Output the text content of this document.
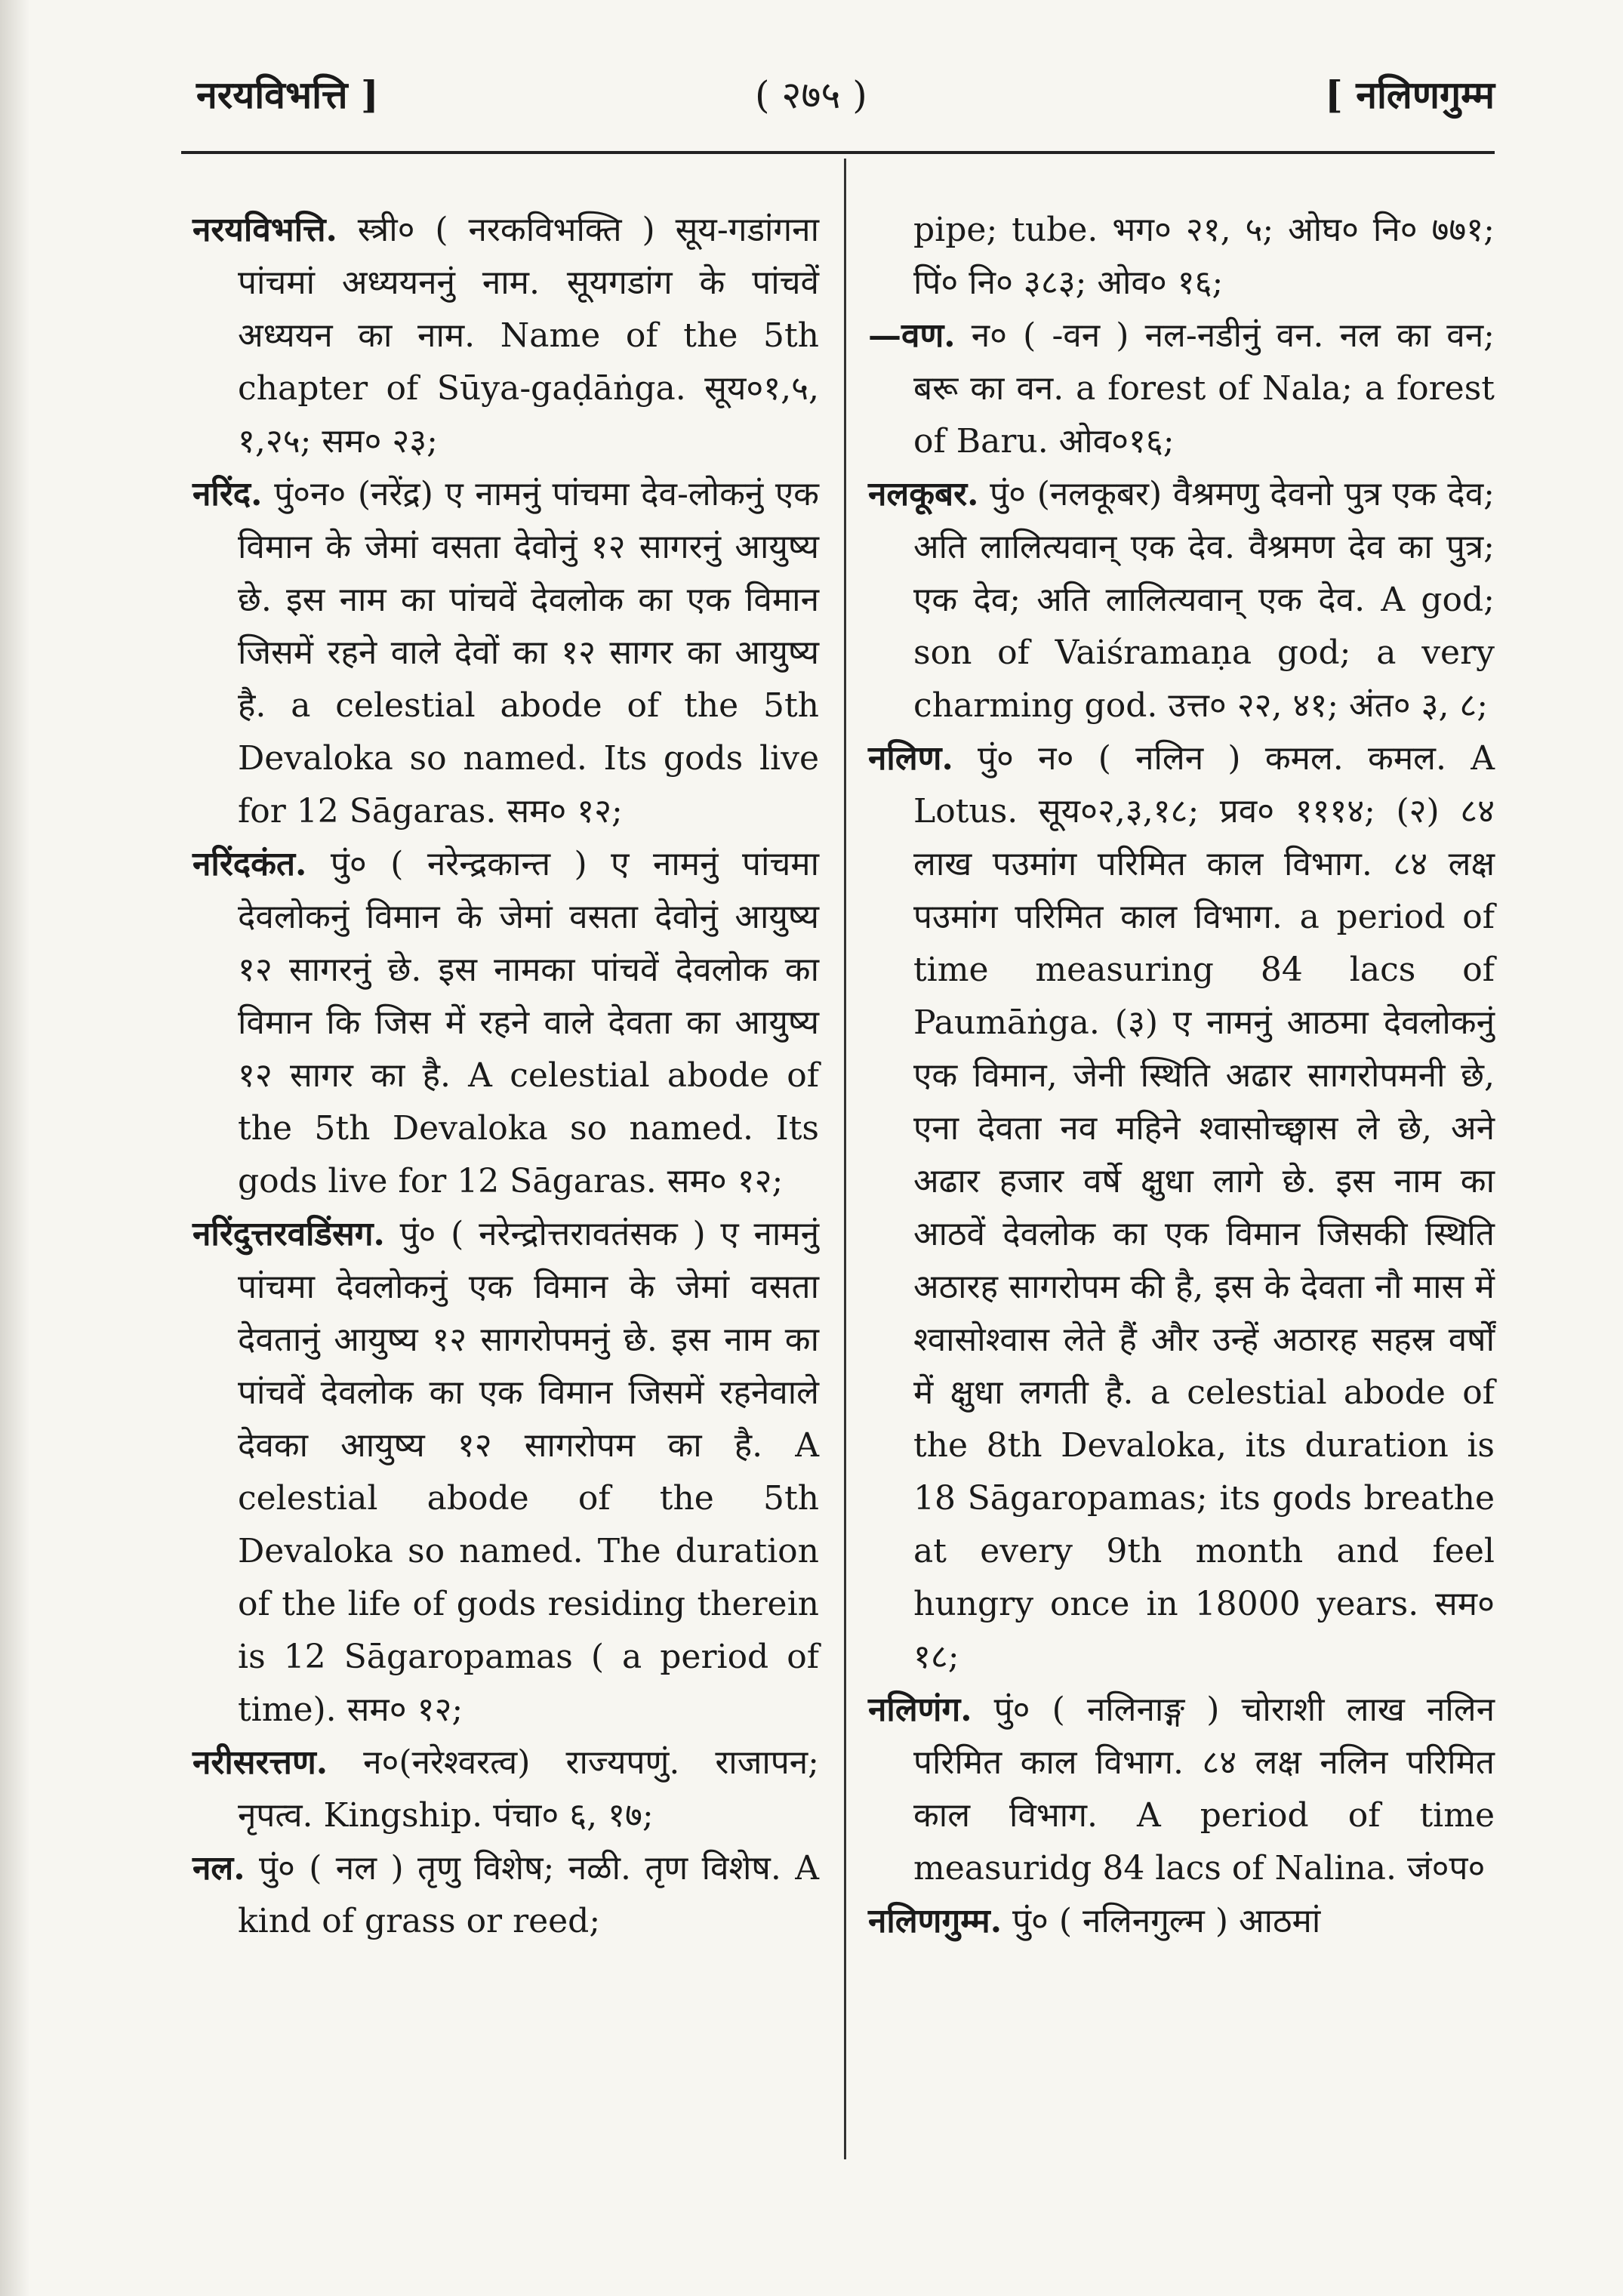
नरयविभत्ति ]	( २७५ )	[ नलिणगुम्म

नरयविभत्ति. स्त्री० ( नरकविभक्ति ) सूय-गडांगना पांचमां अध्ययननुं नाम. सूयगडांग के पांचवें अध्ययन का नाम. Name of the 5th chapter of Sūya-gaḍāṅga. सूय०१,५, १,२५; सम० २३;

नरिंद. पुं०न० (नरेंद्र) ए नामनुं पांचमा देव-लोकनुं एक विमान के जेमां वसता देवोनुं १२ सागरनुं आयुष्य छे. इस नाम का पांचवें देवलोक का एक विमान जिसमें रहने वाले देवों का १२ सागर का आयुष्य है. a celestial abode of the 5th Devaloka so named. Its gods live for 12 Sāgaras. सम० १२;

नरिंदकंत. पुं० ( नरेन्द्रकान्त ) ए नामनुं पांचमा देवलोकनुं विमान के जेमां वसता देवोनुं आयुष्य १२ सागरनुं छे. इस नामका पांचवें देवलोक का विमान कि जिस में रहने वाले देवता का आयुष्य १२ सागर का है. A celestial abode of the 5th Devaloka so named. Its gods live for 12 Sāgaras. सम० १२;

नरिंदुत्तरवडिंसग. पुं० ( नरेन्द्रोत्तरावतंसक ) ए नामनुं पांचमा देवलोकनुं एक विमान के जेमां वसता देवतानुं आयुष्य १२ सागरोपमनुं छे. इस नाम का पांचवें देवलोक का एक विमान जिसमें रहनेवाले देवका आयुष्य १२ सागरोपम का है. A celestial abode of the 5th Devaloka so named. The duration of the life of gods residing therein is 12 Sāgaropamas ( a period of time). सम० १२;

नरीसरत्तण. न०(नरेश्वरत्व) राज्यपणुं. राजापन; नृपत्व. Kingship. पंचा० ६, १७;

नल. पुं० ( नल ) तृणु विशेष; नळी. तृण विशेष. A kind of grass or reed;

pipe; tube. भग० २१, ५; ओघ० नि० ७७१; पिं० नि० ३८३; ओव० १६;

—वण. न० ( -वन ) नल-नडीनुं वन. नल का वन; बरू का वन. a forest of Nala; a forest of Baru. ओव०१६;

नलकूबर. पुं० (नलकूबर) वैश्रमणु देवनो पुत्र एक देव; अति लालित्यवान् एक देव. वैश्रमण देव का पुत्र; एक देव; अति लालित्यवान् एक देव. A god; son of Vaiśramaṇa god; a very charming god. उत्त० २२, ४१; अंत० ३, ८;

नलिण. पुं० न० ( नलिन ) कमल. कमल. A Lotus. सूय०२,३,१८; प्रव० १११४; (२) ८४ लाख पउमांग परिमित काल विभाग. ८४ लक्ष पउमांग परिमित काल विभाग. a period of time measuring 84 lacs of Paumāṅga. (३) ए नामनुं आठमा देवलोकनुं एक विमान, जेनी स्थिति अढार सागरोपमनी छे, एना देवता नव महिने श्वासोच्छ्वास ले छे, अने अढार हजार वर्षे क्षुधा लागे छे. इस नाम का आठवें देवलोक का एक विमान जिसकी स्थिति अठारह सागरोपम की है, इस के देवता नौ मास में श्वासोश्वास लेते हैं और उन्हें अठारह सहस्र वर्षों में क्षुधा लगती है. a celestial abode of the 8th Devaloka, its duration is 18 Sāgaropamas; its gods breathe at every 9th month and feel hungry once in 18000 years. सम० १८;

नलिणंग. पुं० ( नलिनाङ्ग ) चोराशी लाख नलिन परिमित काल विभाग. ८४ लक्ष नलिन परिमित काल विभाग. A period of time measuridg 84 lacs of Nalina. जं०प०

नलिणगुम्म. पुं० ( नलिनगुल्म ) आठमां
